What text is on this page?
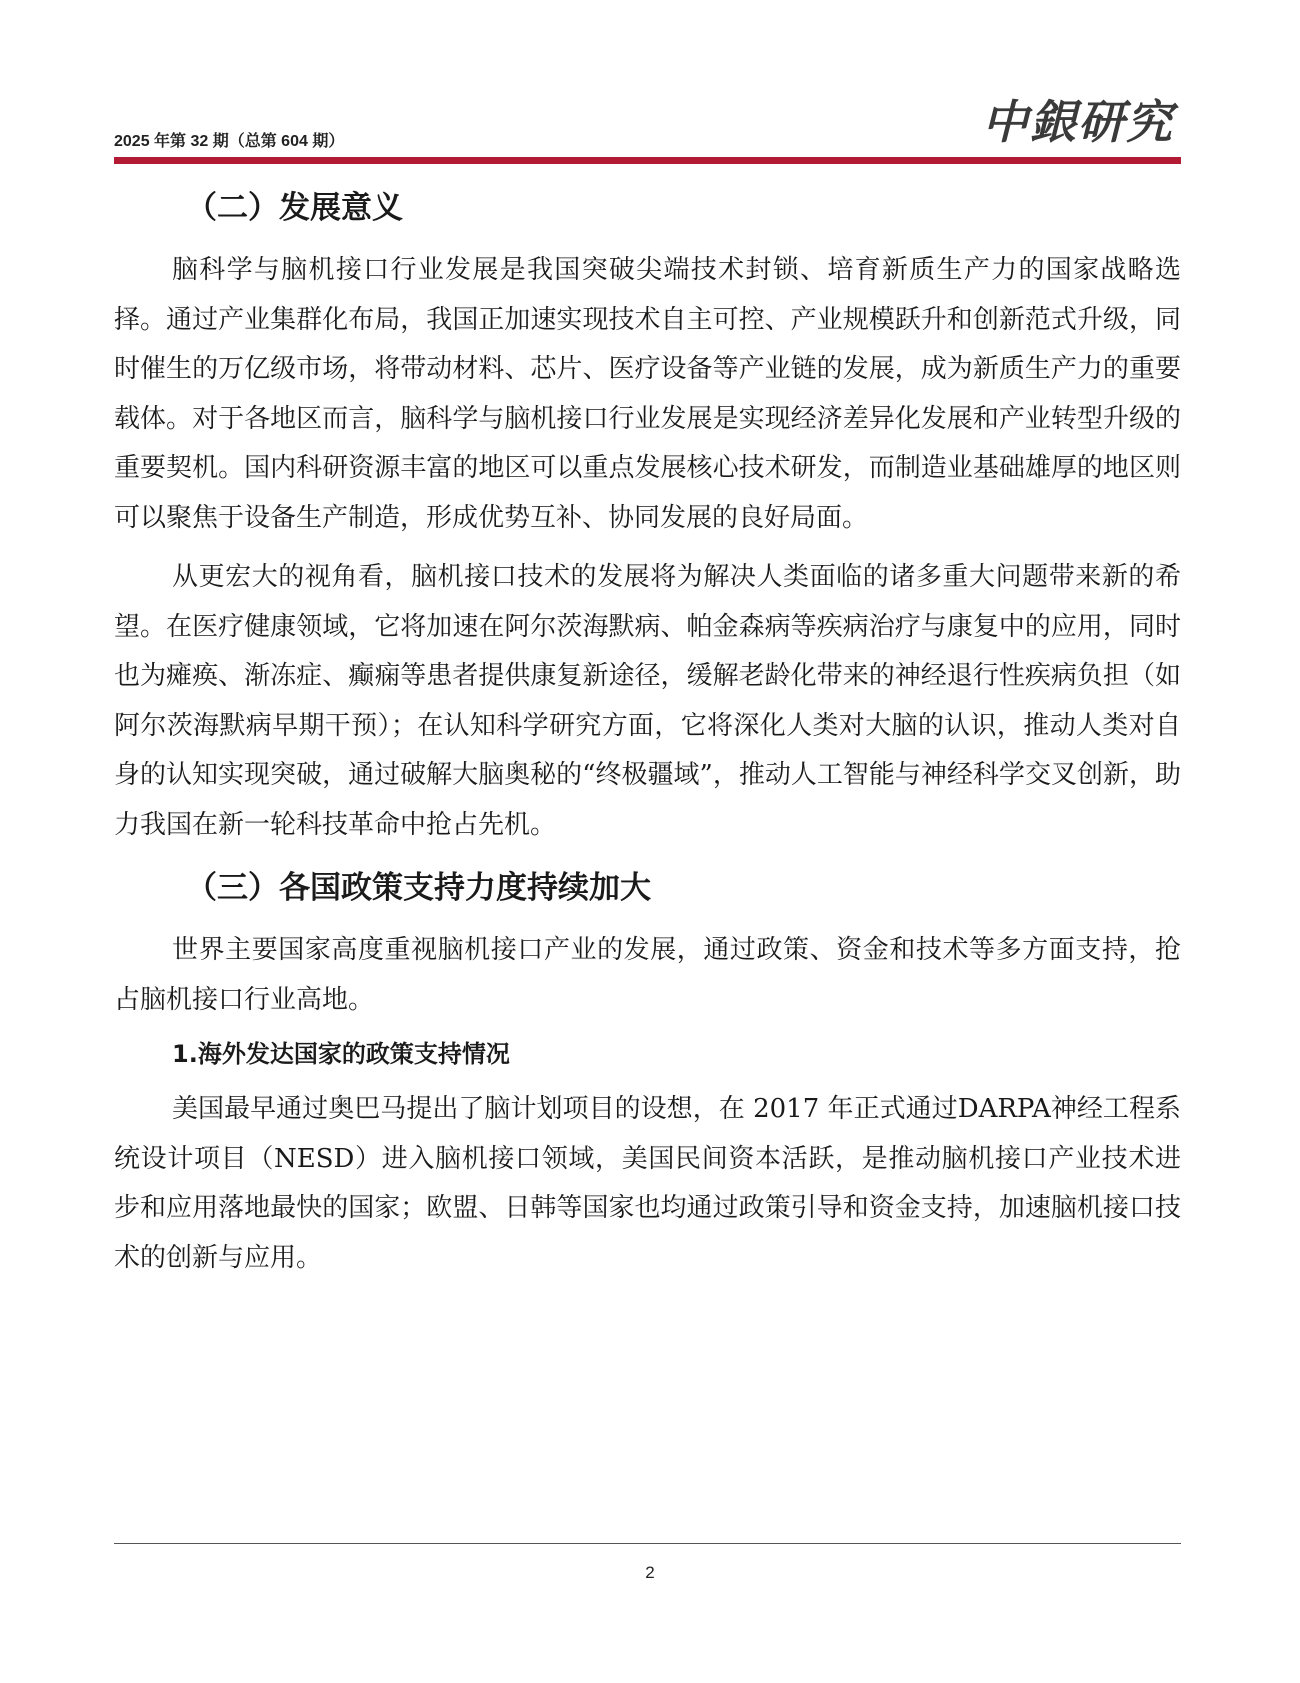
2025 年第 32 期（总第 604 期）	中銀研究
（二）发展意义

脑科学与脑机接口行业发展是我国突破尖端技术封锁、培育新质生产力的国家战略选择。通过产业集群化布局，我国正加速实现技术自主可控、产业规模跃升和创新范式升级，同时催生的万亿级市场，将带动材料、芯片、医疗设备等产业链的发展，成为新质生产力的重要载体。对于各地区而言，脑科学与脑机接口行业发展是实现经济差异化发展和产业转型升级的重要契机。国内科研资源丰富的地区可以重点发展核心技术研发，而制造业基础雄厚的地区则可以聚焦于设备生产制造，形成优势互补、协同发展的良好局面。

从更宏大的视角看，脑机接口技术的发展将为解决人类面临的诸多重大问题带来新的希望。在医疗健康领域，它将加速在阿尔茨海默病、帕金森病等疾病治疗与康复中的应用，同时也为瘫痪、渐冻症、癫痫等患者提供康复新途径，缓解老龄化带来的神经退行性疾病负担（如阿尔茨海默病早期干预）；在认知科学研究方面，它将深化人类对大脑的认识，推动人类对自身的认知实现突破，通过破解大脑奥秘的“终极疆域”，推动人工智能与神经科学交叉创新，助力我国在新一轮科技革命中抢占先机。

（三）各国政策支持力度持续加大

世界主要国家高度重视脑机接口产业的发展，通过政策、资金和技术等多方面支持，抢占脑机接口行业高地。

1.海外发达国家的政策支持情况

美国最早通过奥巴马提出了脑计划项目的设想，在 2017 年正式通过DARPA神经工程系统设计项目（NESD）进入脑机接口领域，美国民间资本活跃，是推动脑机接口产业技术进步和应用落地最快的国家；欧盟、日韩等国家也均通过政策引导和资金支持，加速脑机接口技术的创新与应用。

2
